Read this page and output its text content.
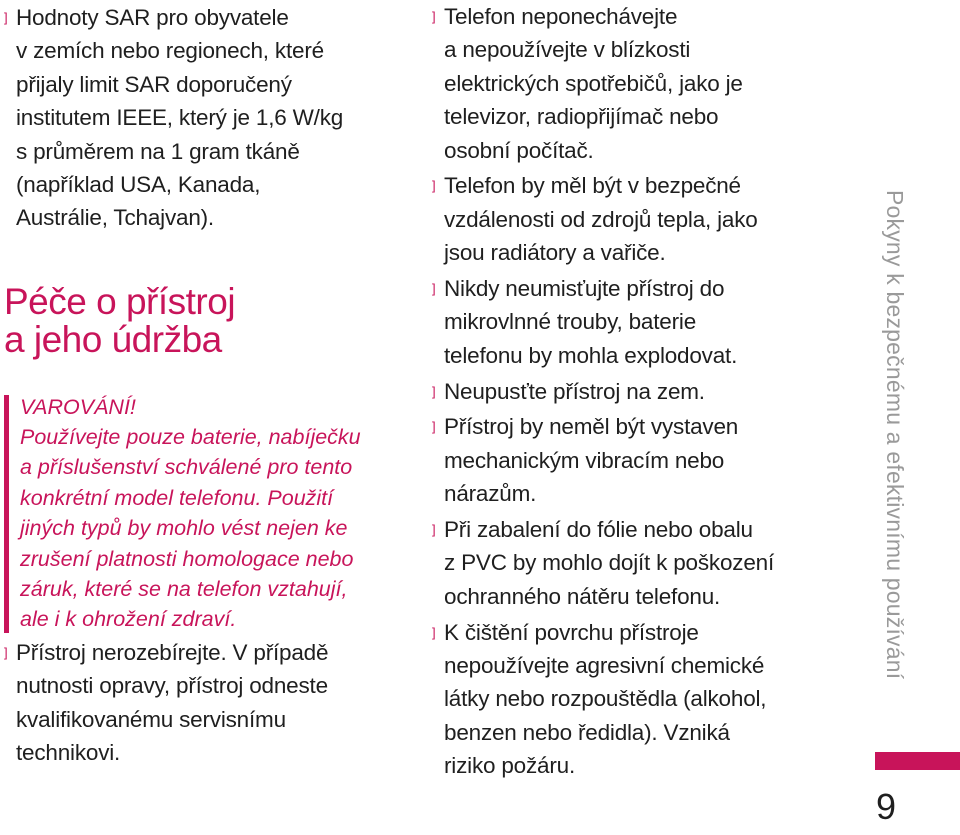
] Hodnoty SAR pro obyvatele
v zemích nebo regionech, které
přijaly limit SAR doporučený
institutem IEEE, který je 1,6 W/kg
s průměrem na 1 gram tkáně
(například USA, Kanada,
Austrálie, Tchajvan).
Péče o přístroj
a jeho údržba
VAROVÁNÍ!
Používejte pouze baterie, nabíječku
a příslušenství schválené pro tento
konkrétní model telefonu. Použití
jiných typů by mohlo vést nejen ke
zrušení platnosti homologace nebo
záruk, které se na telefon vztahují,
ale i k ohrožení zdraví.
] Přístroj nerozebírejte. V případě
nutnosti opravy, přístroj odneste
kvalifikovanému servisnímu
technikovi.
] Telefon neponechávejte
a nepoužívejte v blízkosti
elektrických spotřebičů, jako je
televizor, radiopřijímač nebo
osobní počítač.
] Telefon by měl být v bezpečné
vzdálenosti od zdrojů tepla, jako
jsou radiátory a vařiče.
] Nikdy neumisťujte přístroj do
mikrovlnné trouby, baterie
telefonu by mohla explodovat.
] Neupusťte přístroj na zem.
] Přístroj by neměl být vystaven
mechanickým vibracím nebo
nárazům.
] Při zabalení do fólie nebo obalu
z PVC by mohlo dojít k poškození
ochranného nátěru telefonu.
] K čištění povrchu přístroje
nepoužívejte agresivní chemické
látky nebo rozpouštědla (alkohol,
benzen nebo ředidla). Vzniká
riziko požáru.
Pokyny k bezpečnému a efektivnímu používání
9
